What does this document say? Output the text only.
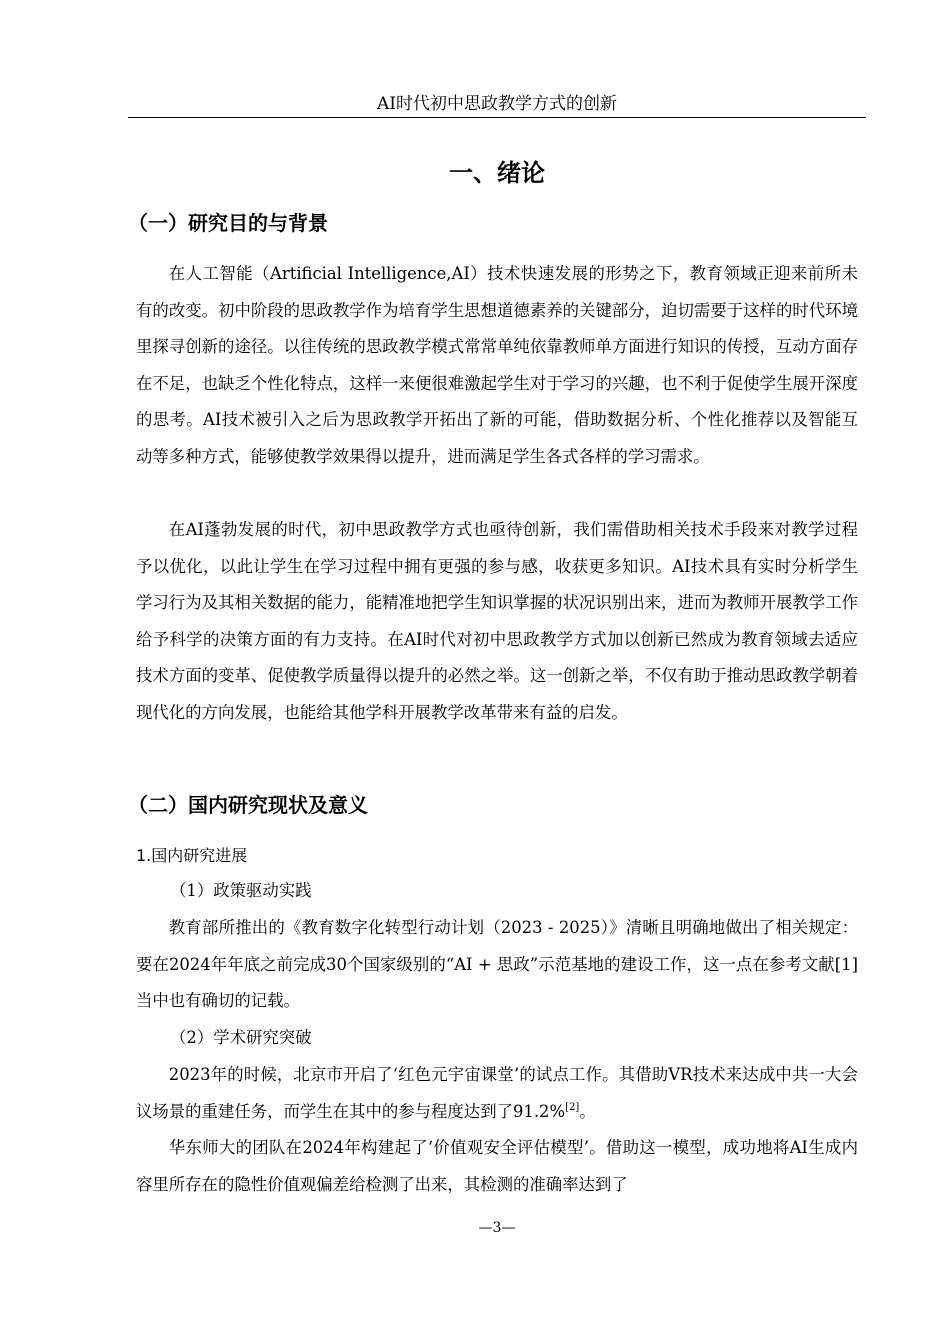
AI时代初中思政教学方式的创新
一、绪论
（一）研究目的与背景

在人工智能（Artificial Intelligence,AI）技术快速发展的形势之下，教育领域正迎来前所未有的改变。初中阶段的思政教学作为培育学生思想道德素养的关键部分，迫切需要于这样的时代环境里探寻创新的途径。以往传统的思政教学模式常常单纯依靠教师单方面进行知识的传授，互动方面存在不足，也缺乏个性化特点，这样一来便很难激起学生对于学习的兴趣，也不利于促使学生展开深度的思考。AI技术被引入之后为思政教学开拓出了新的可能，借助数据分析、个性化推荐以及智能互动等多种方式，能够使教学效果得以提升，进而满足学生各式各样的学习需求。

在AI蓬勃发展的时代，初中思政教学方式也亟待创新，我们需借助相关技术手段来对教学过程予以优化，以此让学生在学习过程中拥有更强的参与感，收获更多知识。AI技术具有实时分析学生学习行为及其相关数据的能力，能精准地把学生知识掌握的状况识别出来，进而为教师开展教学工作给予科学的决策方面的有力支持。在AI时代对初中思政教学方式加以创新已然成为教育领域去适应技术方面的变革、促使教学质量得以提升的必然之举。这一创新之举，不仅有助于推动思政教学朝着现代化的方向发展，也能给其他学科开展教学改革带来有益的启发。

（二）国内研究现状及意义
1.国内研究进展
（1）政策驱动实践

教育部所推出的《教育数字化转型行动计划（2023 - 2025）》清晰且明确地做出了相关规定：要在2024年年底之前完成30个国家级别的“AI + 思政”示范基地的建设工作，这一点在参考文献[1]当中也有确切的记载。

（2）学术研究突破

2023年的时候，北京市开启了‘红色元宇宙课堂’的试点工作。其借助VR技术来达成中共一大会议场景的重建任务，而学生在其中的参与程度达到了91.2%[2]。

华东师大的团队在2024年构建起了‘价值观安全评估模型’。借助这一模型，成功地将AI生成内容里所存在的隐性价值观偏差给检测了出来，其检测的准确率达到了

—3—
